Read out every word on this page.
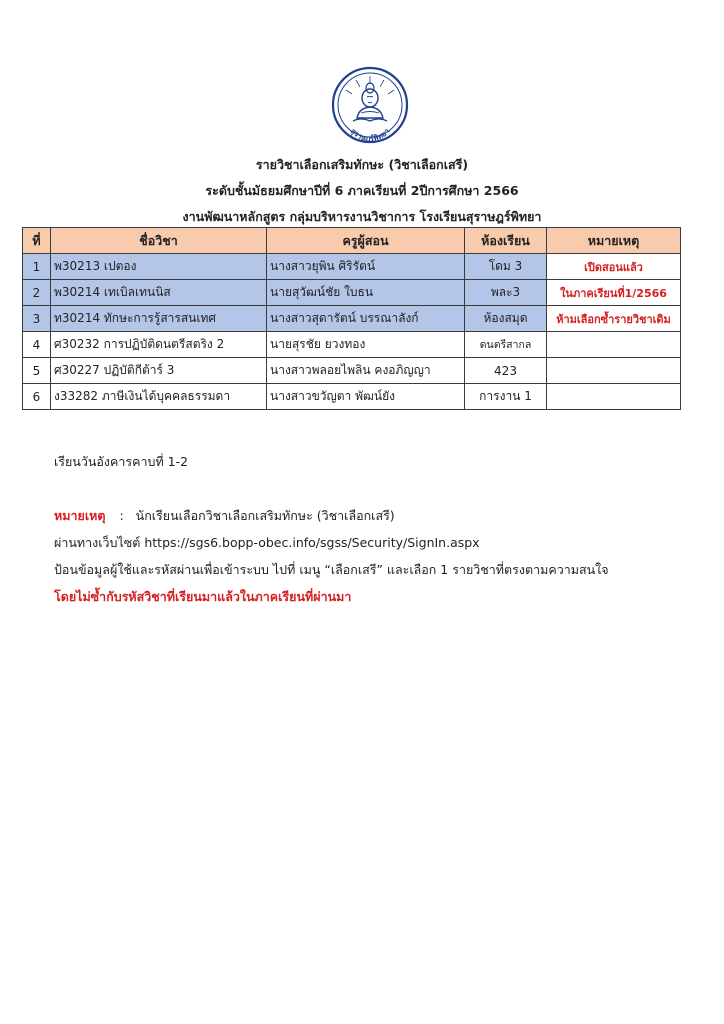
สุราษฎร์พิทยา
รายวิชาเลือกเสริมทักษะ (วิชาเลือกเสรี)
ระดับชั้นมัธยมศึกษาปีที่ 6 ภาคเรียนที่ 2ปีการศึกษา 2566
งานพัฒนาหลักสูตร กลุ่มบริหารงานวิชาการ โรงเรียนสุราษฎร์พิทยา
ที่	ชื่อวิชา	ครูผู้สอน	ห้องเรียน	หมายเหตุ
1	พ30213 เปตอง	นางสาวยุพิน ศิริรัตน์	โดม 3	เปิดสอนแล้ว
2	พ30214 เทเบิลเทนนิส	นายสุวัฒน์ชัย ใบธน	พละ3	ในภาคเรียนที่1/2566
3	ท30214 ทักษะการรู้สารสนเทศ	นางสาวสุดารัตน์ บรรณาลังก์	ห้องสมุด	ห้ามเลือกซ้ำรายวิชาเดิม
4	ศ30232 การปฏิบัติดนตรีสตริง 2	นายสุรชัย ยวงทอง	ดนตรีสากล	
5	ศ30227 ปฏิบัติกีต้าร์ 3	นางสาวพลอยไพลิน คงอภิญญา	423	
6	ง33282 ภาษีเงินได้บุคคลธรรมดา	นางสาวขวัญตา พัฒน์ยัง	การงาน 1	
เรียนวันอังคารคาบที่ 1-2
หมายเหตุ : นักเรียนเลือกวิชาเลือกเสริมทักษะ (วิชาเลือกเสรี)
ผ่านทางเว็บไซต์ https://sgs6.bopp-obec.info/sgss/Security/SignIn.aspx
ป้อนข้อมูลผู้ใช้และรหัสผ่านเพื่อเข้าระบบ ไปที่ เมนู “เลือกเสรี” และเลือก 1 รายวิชาที่ตรงตามความสนใจ
โดยไม่ซ้ำกับรหัสวิชาที่เรียนมาแล้วในภาคเรียนที่ผ่านมา
